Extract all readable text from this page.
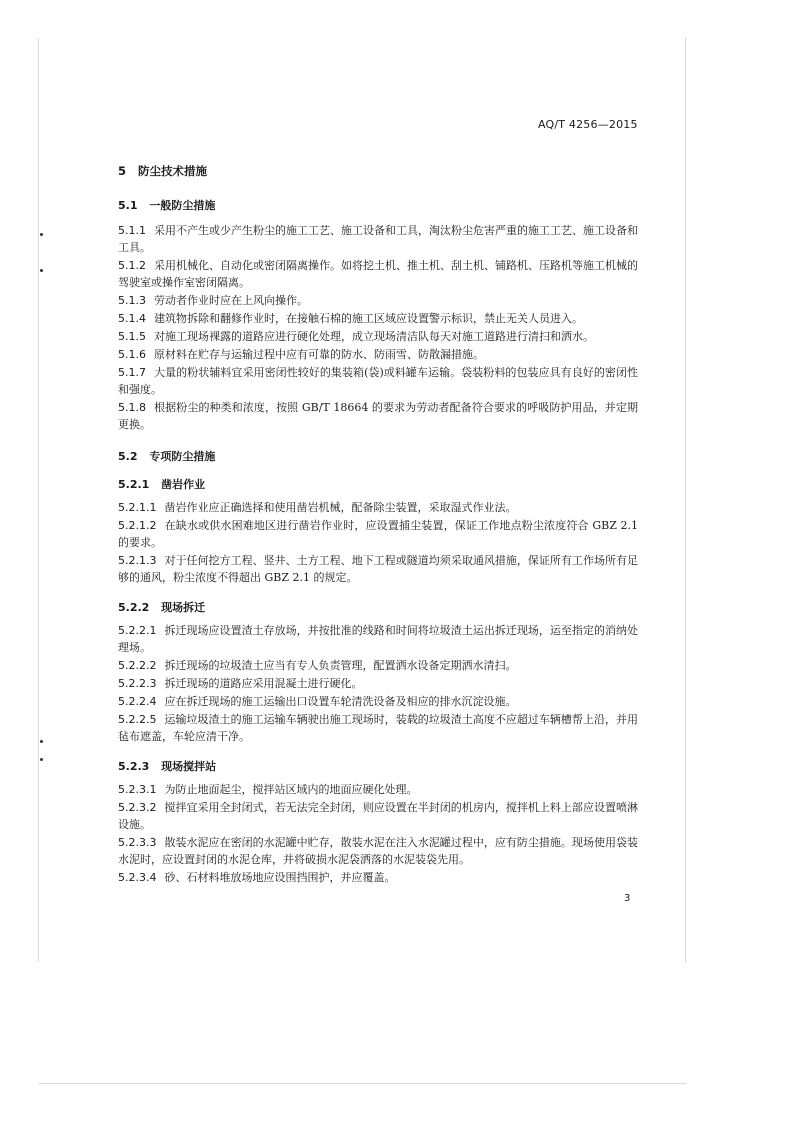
AQ/T 4256—2015
5 防尘技术措施
5.1 一般防尘措施
5.1.1 采用不产生或少产生粉尘的施工工艺、施工设备和工具，淘汰粉尘危害严重的施工工艺、施工设备和工具。
5.1.2 采用机械化、自动化或密闭隔离操作。如将挖土机、推土机、刮土机、铺路机、压路机等施工机械的驾驶室或操作室密闭隔离。
5.1.3 劳动者作业时应在上风向操作。
5.1.4 建筑物拆除和翻修作业时，在接触石棉的施工区域应设置警示标识，禁止无关人员进入。
5.1.5 对施工现场裸露的道路应进行硬化处理，成立现场清洁队每天对施工道路进行清扫和洒水。
5.1.6 原材料在贮存与运输过程中应有可靠的防水、防雨雪、防散漏措施。
5.1.7 大量的粉状辅料宜采用密闭性较好的集装箱(袋)或料罐车运输。袋装粉料的包装应具有良好的密闭性和强度。
5.1.8 根据粉尘的种类和浓度，按照 GB/T 18664 的要求为劳动者配备符合要求的呼吸防护用品，并定期更换。
5.2 专项防尘措施
5.2.1 凿岩作业
5.2.1.1 凿岩作业应正确选择和使用凿岩机械，配备除尘装置，采取湿式作业法。
5.2.1.2 在缺水或供水困难地区进行凿岩作业时，应设置捕尘装置，保证工作地点粉尘浓度符合 GBZ 2.1 的要求。
5.2.1.3 对于任何挖方工程、竖井、土方工程、地下工程或隧道均须采取通风措施，保证所有工作场所有足够的通风，粉尘浓度不得超出 GBZ 2.1 的规定。
5.2.2 现场拆迁
5.2.2.1 拆迁现场应设置渣土存放场，并按批准的线路和时间将垃圾渣土运出拆迁现场，运至指定的消纳处理场。
5.2.2.2 拆迁现场的垃圾渣土应当有专人负责管理，配置洒水设备定期洒水清扫。
5.2.2.3 拆迁现场的道路应采用混凝土进行硬化。
5.2.2.4 应在拆迁现场的施工运输出口设置车轮清洗设备及相应的排水沉淀设施。
5.2.2.5 运输垃圾渣土的施工运输车辆驶出施工现场时，装载的垃圾渣土高度不应超过车辆槽帮上沿，并用毡布遮盖，车轮应清干净。
5.2.3 现场搅拌站
5.2.3.1 为防止地面起尘，搅拌站区域内的地面应硬化处理。
5.2.3.2 搅拌宜采用全封闭式，若无法完全封闭，则应设置在半封闭的机房内，搅拌机上料上部应设置喷淋设施。
5.2.3.3 散装水泥应在密闭的水泥罐中贮存，散装水泥在注入水泥罐过程中，应有防尘措施。现场使用袋装水泥时，应设置封闭的水泥仓库，并将破损水泥袋洒落的水泥装袋先用。
5.2.3.4 砂、石材料堆放场地应设围挡围护，并应覆盖。
3
